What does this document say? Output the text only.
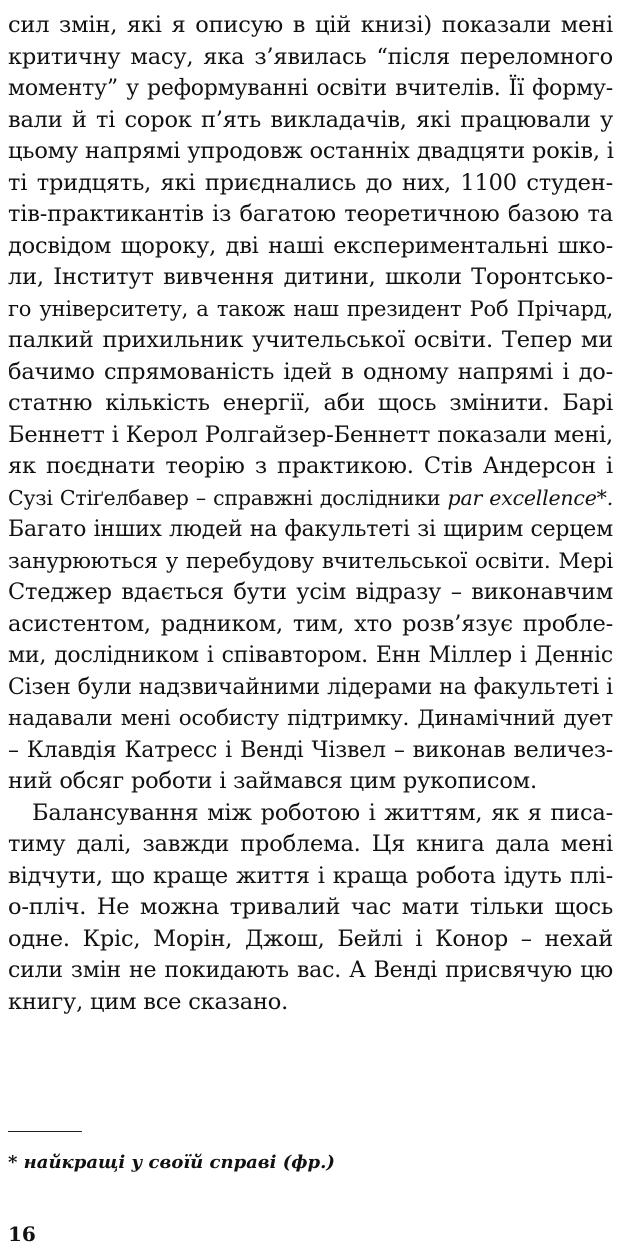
сил змін, які я описую в цій книзі) показали мені
критичну масу, яка з’явилась “після переломного
моменту” у реформуванні освіти вчителів. Її форму-
вали й ті сорок п’ять викладачів, які працювали у
цьому напрямі упродовж останніх двадцяти років, і
ті тридцять, які приєднались до них, 1100 студен-
тів-практикантів із багатою теоретичною базою та
досвідом щороку, дві наші експериментальні шко-
ли, Інститут вивчення дитини, школи Торонтсько-
го університету, а також наш президент Роб Прічард,
палкий прихильник учительської освіти. Тепер ми
бачимо спрямованість ідей в одному напрямі і до-
статню кількість енергії, аби щось змінити. Барі
Беннетт і Керол Ролгайзер-Беннетт показали мені,
як поєднати теорію з практикою. Стів Андерсон і
Сузі Стіґелбавер – справжні дослідники par excellence*.
Багато інших людей на факультеті зі щирим серцем
занурюються у перебудову вчительської освіти. Мері
Стеджер вдається бути усім відразу – виконавчим
асистентом, радником, тим, хто розв’язує пробле-
ми, дослідником і співавтором. Енн Міллер і Денніс
Сізен були надзвичайними лідерами на факультеті і
надавали мені особисту підтримку. Динамічний дует
– Клавдія Катресс і Венді Чізвел – виконав величез-
ний обсяг роботи і займався цим рукописом.
Балансування між роботою і життям, як я писа-
тиму далі, завжди проблема. Ця книга дала мені
відчути, що краще життя і краща робота ідуть плі-
о-пліч. Не можна тривалий час мати тільки щось
одне. Кріс, Морін, Джош, Бейлі і Конор – нехай
сили змін не покидають вас. А Венді присвячую цю
книгу, цим все сказано.
* найкращі у своїй справі (фр.)
16
